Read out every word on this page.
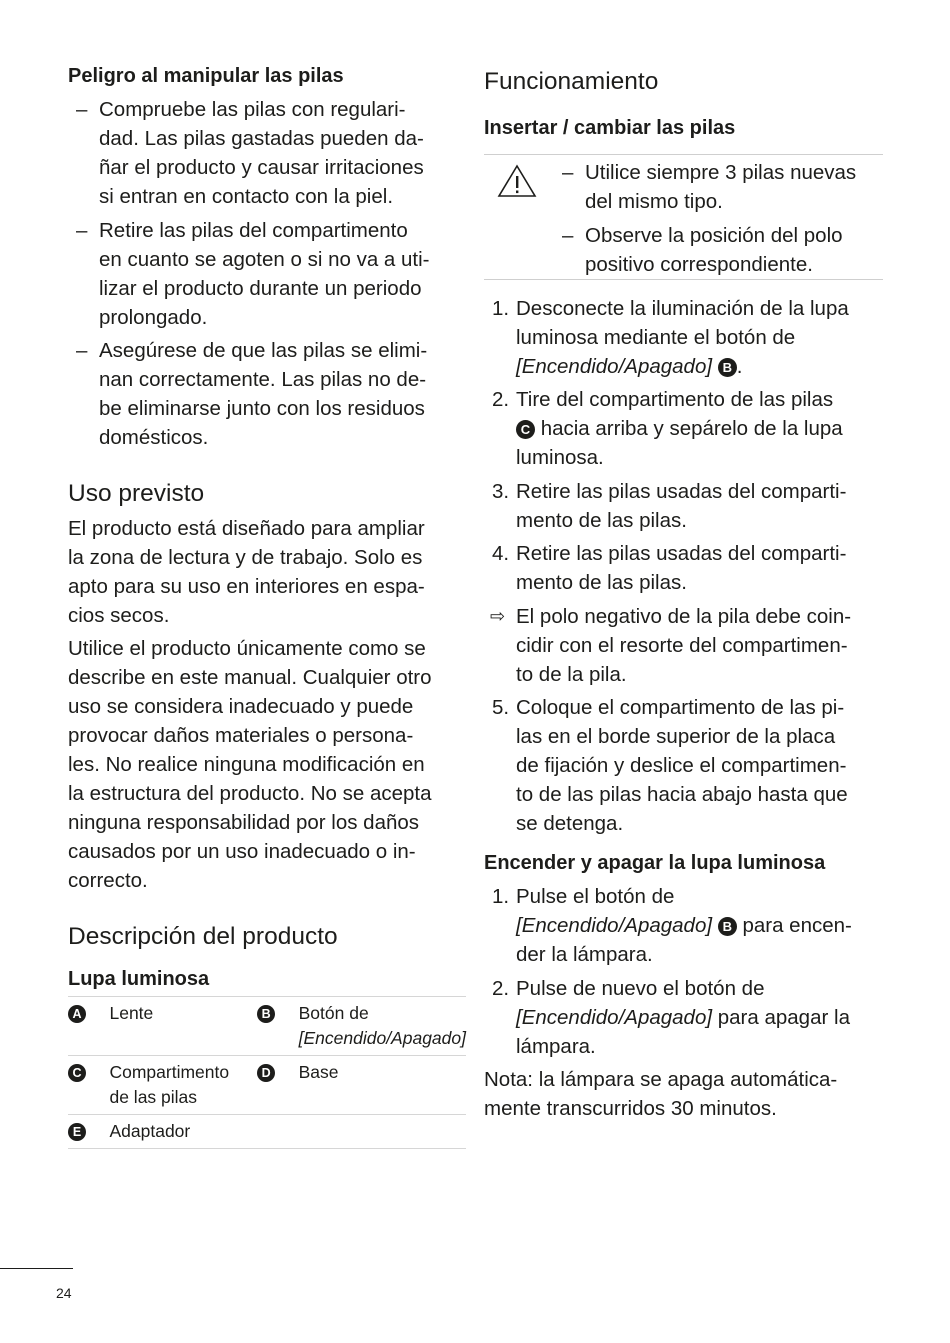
Peligro al manipular las pilas

– Compruebe las pilas con regulari-
dad. Las pilas gastadas pueden da-
ñar el producto y causar irritaciones
si entran en contacto con la piel.
– Retire las pilas del compartimento
en cuanto se agoten o si no va a uti-
lizar el producto durante un periodo
prolongado.
– Asegúrese de que las pilas se elimi-
nan correctamente. Las pilas no de-
be eliminarse junto con los residuos
domésticos.

Uso previsto

El producto está diseñado para ampliar
la zona de lectura y de trabajo. Solo es
apto para su uso en interiores en espa-
cios secos.

Utilice el producto únicamente como se
describe en este manual. Cualquier otro
uso se considera inadecuado y puede
provocar daños materiales o persona-
les. No realice ninguna modificación en
la estructura del producto. No se acepta
ninguna responsabilidad por los daños
causados por un uso inadecuado o in-
correcto.

Descripción del producto

Lupa luminosa

A	Lente	B	Botón de
[Encendido/Apagado]
C	Compartimento
de las pilas	D	Base
E	Adaptador		

Funcionamiento

Insertar / cambiar las pilas

– Utilice siempre 3 pilas nuevas
del mismo tipo.
– Observe la posición del polo
positivo correspondiente.
1. Desconecte la iluminación de la lupa
luminosa mediante el botón de
[Encendido/Apagado] B .
2. Tire del compartimento de las pilas
C hacia arriba y sepárelo de la lupa
luminosa.
3. Retire las pilas usadas del comparti-
mento de las pilas.
4. Retire las pilas usadas del comparti-
mento de las pilas.
⇨ El polo negativo de la pila debe coin-
cidir con el resorte del compartimen-
to de la pila.
5. Coloque el compartimento de las pi-
las en el borde superior de la placa
de fijación y deslice el compartimen-
to de las pilas hacia abajo hasta que
se detenga.

Encender y apagar la lupa luminosa

1. Pulse el botón de
[Encendido/Apagado] B para encen-
der la lámpara.
2. Pulse de nuevo el botón de
[Encendido/Apagado] para apagar la
lámpara.

Nota: la lámpara se apaga automática-
mente transcurridos 30 minutos.

24
